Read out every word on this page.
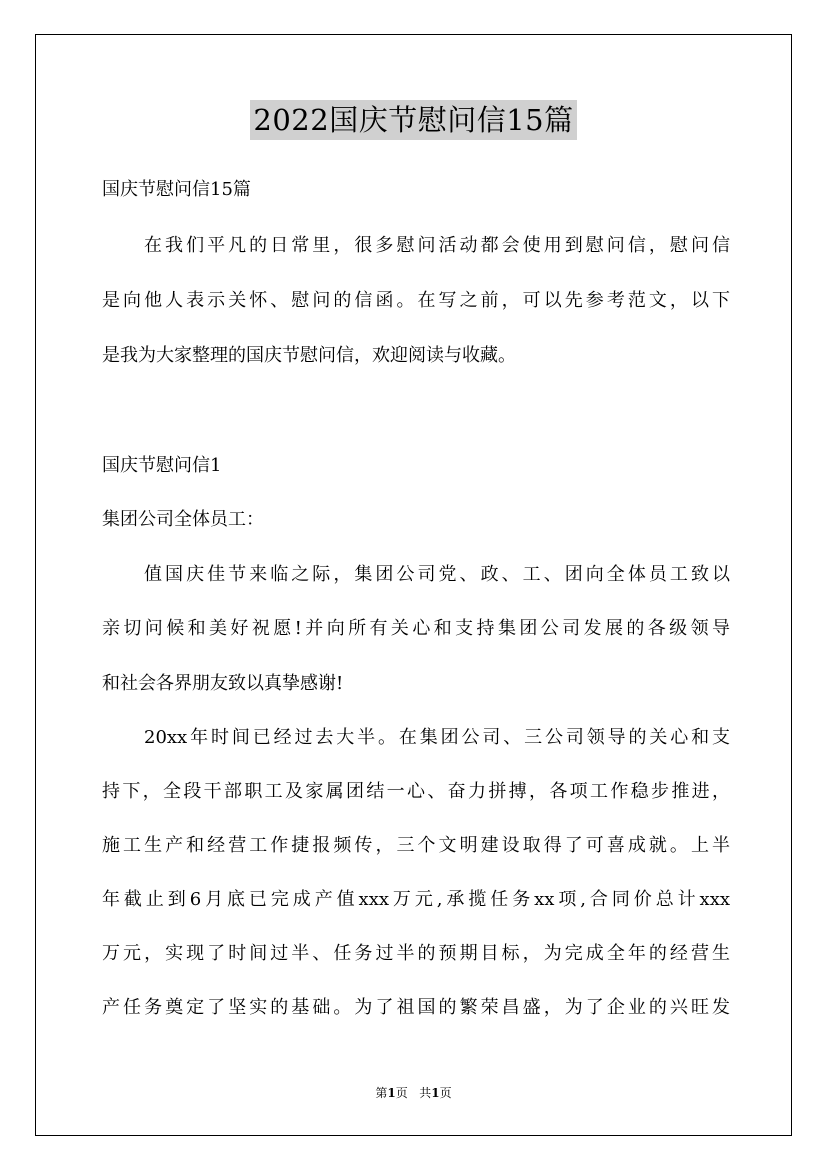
2022国庆节慰问信15篇
国庆节慰问信15篇
在我们平凡的日常里，很多慰问活动都会使用到慰问信，慰问信
是向他人表示关怀、慰问的信函。在写之前，可以先参考范文，以下
是我为大家整理的国庆节慰问信，欢迎阅读与收藏。
国庆节慰问信1
集团公司全体员工：
值国庆佳节来临之际，集团公司党、政、工、团向全体员工致以
亲切问候和美好祝愿!并向所有关心和支持集团公司发展的各级领导
和社会各界朋友致以真挚感谢!
20xx年时间已经过去大半。在集团公司、三公司领导的关心和支
持下，全段干部职工及家属团结一心、奋力拼搏，各项工作稳步推进，
施工生产和经营工作捷报频传，三个文明建设取得了可喜成就。上半
年截止到6月底已完成产值xxx万元,承揽任务xx项,合同价总计xxx
万元，实现了时间过半、任务过半的预期目标，为完成全年的经营生
产任务奠定了坚实的基础。为了祖国的繁荣昌盛，为了企业的兴旺发
第1页 共1页
